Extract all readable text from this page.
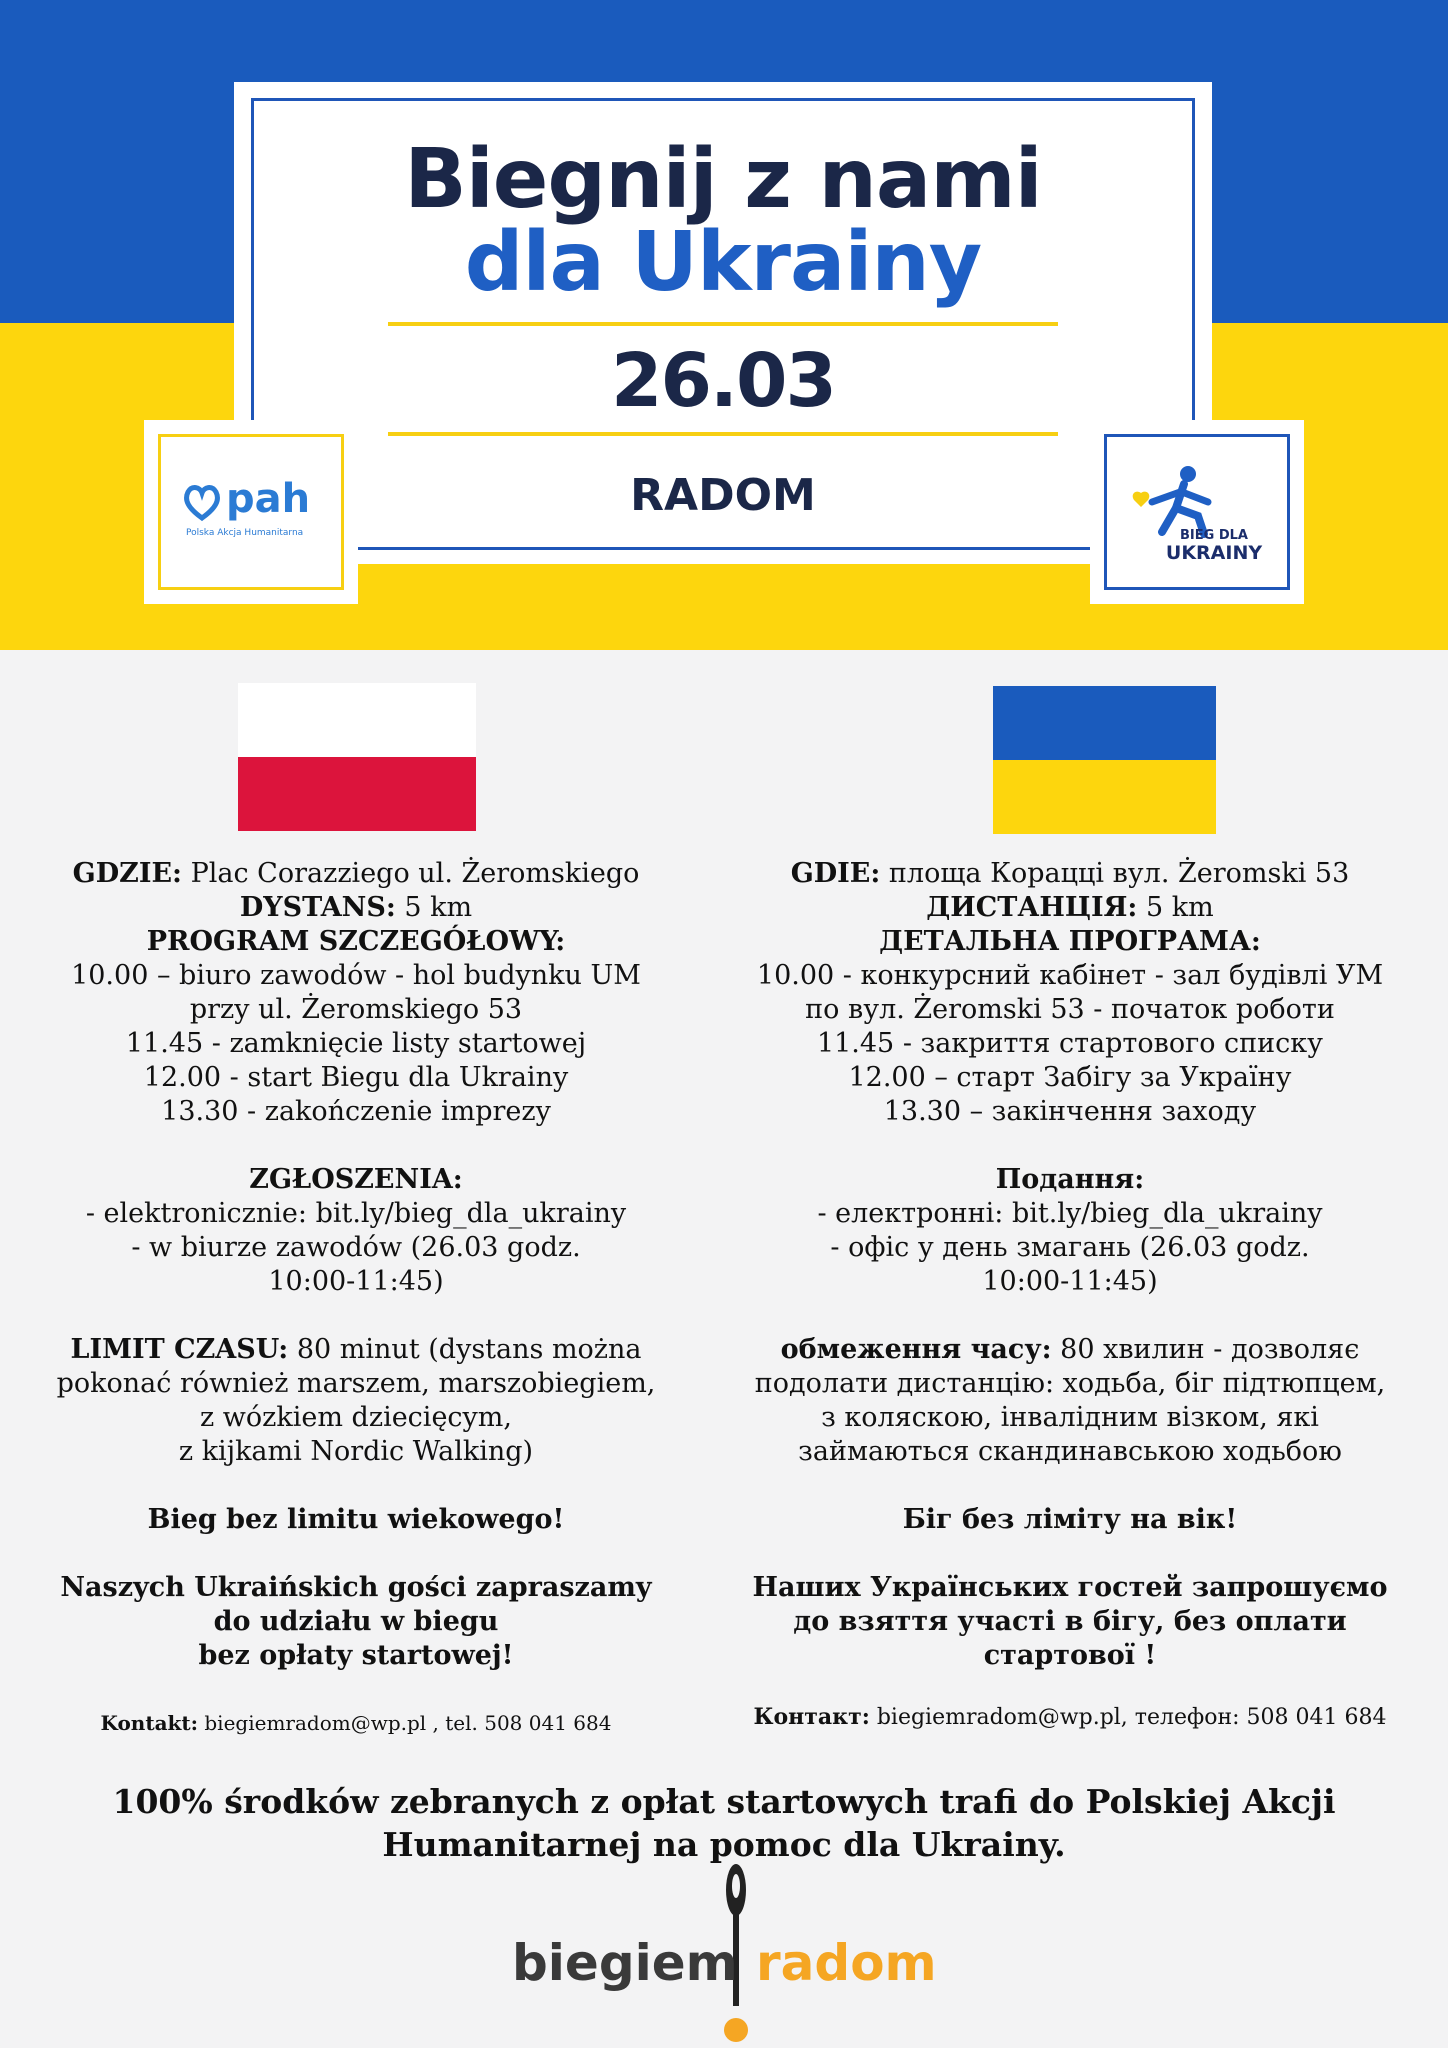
Biegnij z nami
dla Ukrainy
26.03
RADOM
pah
Polska Akcja Humanitarna	BIEG DLA
UKRAINY

GDZIE: Plac Corazziego ul. Żeromskiego

DYSTANS: 5 km

PROGRAM SZCZEGÓŁOWY:

10.00 – biuro zawodów - hol budynku UM

przy ul. Żeromskiego 53

11.45 - zamknięcie listy startowej

12.00 - start Biegu dla Ukrainy

13.30 - zakończenie imprezy

ZGŁOSZENIA:

- elektronicznie: bit.ly/bieg_dla_ukrainy

- w biurze zawodów (26.03 godz.

10:00-11:45)

LIMIT CZASU: 80 minut (dystans można

pokonać również marszem, marszobiegiem,

z wózkiem dziecięcym,

z kijkami Nordic Walking)

Bieg bez limitu wiekowego!

Naszych Ukraińskich gości zapraszamy

do udziału w biegu

bez opłaty startowej!

Kontakt: biegiemradom@wp.pl , tel. 508 041 684

GDIE: площа Кораццi вул. Żeromski 53

ДИСТАНЦІЯ: 5 km

ДЕТАЛЬНА ПРОГРАМА:

10.00 - конкурсний кабінет - зал будівлі УМ

по вул. Żeromski 53 - початок роботи

11.45 - закриття стартового списку

12.00 – старт Забігу за Україну

13.30 – закінчення заходу

Подання:

- електронні: bit.ly/bieg_dla_ukrainy

- офіс у день змагань (26.03 godz.

10:00-11:45)

обмеження часу: 80 хвилин - дозволяє

подолати дистанцію: ходьба, біг підтюпцем,

з коляскою, інвалідним візком, які

займаються скандинавською ходьбою

Біг без ліміту на вік!

Наших Українських гостей запрошуємо

до взяття участі в бігу, без оплати

стартової !

Контакт: biegiemradom@wp.pl, телефон: 508 041 684

100% środków zebranych z opłat startowych trafi do Polskiej Akcji
Humanitarnej na pomoc dla Ukrainy.
biegiem radom
